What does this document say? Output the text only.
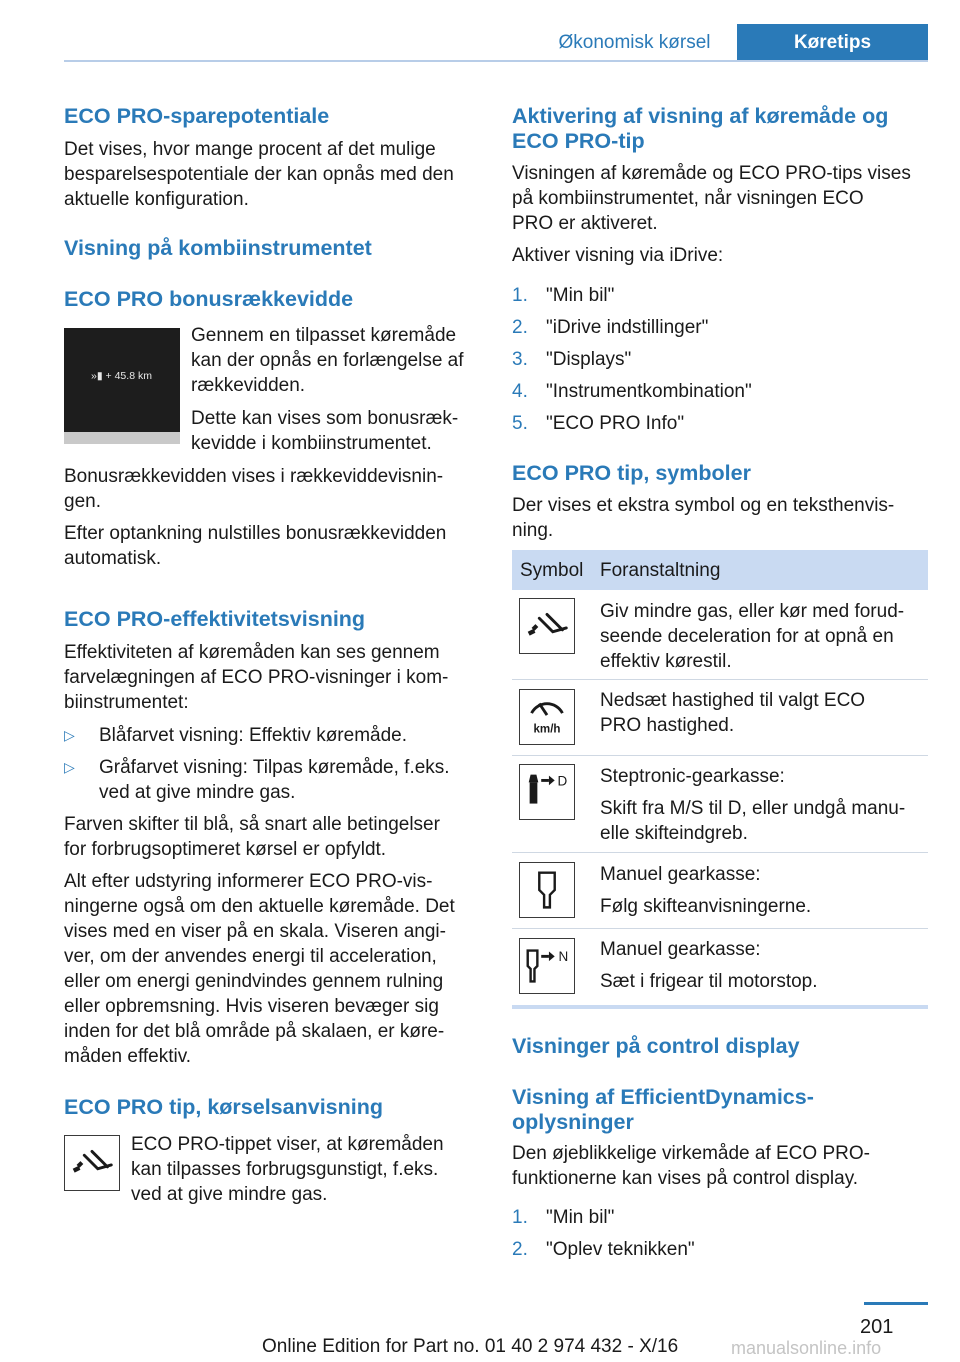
Økonomisk kørsel	Køretips
ECO PRO-sparepotentiale
Det vises, hvor mange procent af det mulige
besparelsespotentiale der kan opnås med den
aktuelle konfiguration.
Visning på kombiinstrumentet
ECO PRO bonusrækkevidde
»▮ + 45.8 km
Gennem en tilpasset køremåde
kan der opnås en forlængelse af
rækkevidden.
Dette kan vises som bonusræk-
kevidde i kombiinstrumentet.
Bonusrækkevidden vises i rækkeviddevisnin-
gen.
Efter optankning nulstilles bonusrækkevidden
automatisk.
ECO PRO-effektivitetsvisning
Effektiviteten af køremåden kan ses gennem
farvelægningen af ECO PRO-visninger i kom-
biinstrumentet:
▷ Blåfarvet visning: Effektiv køremåde.
▷ Gråfarvet visning: Tilpas køremåde, f.eks.
ved at give mindre gas.
Farven skifter til blå, så snart alle betingelser
for forbrugsoptimeret kørsel er opfyldt.
Alt efter udstyring informerer ECO PRO-vis-
ningerne også om den aktuelle køremåde. Det
vises med en viser på en skala. Viseren angi-
ver, om der anvendes energi til acceleration,
eller om energi genindvindes gennem rulning
eller opbremsning. Hvis viseren bevæger sig
inden for det blå område på skalaen, er køre-
måden effektiv.
ECO PRO tip, kørselsanvisning
ECO PRO-tippet viser, at køremåden
kan tilpasses forbrugsgunstigt, f.eks.
ved at give mindre gas.
Aktivering af visning af køremåde og
ECO PRO-tip
Visningen af køremåde og ECO PRO-tips vises
på kombiinstrumentet, når visningen ECO
PRO er aktiveret.
Aktiver visning via iDrive:
1. "Min bil"
2. "iDrive indstillinger"
3. "Displays"
4. "Instrumentkombination"
5. "ECO PRO Info"
ECO PRO tip, symboler
Der vises et ekstra symbol og en teksthenvis-
ning.
Symbol Foranstaltning
Giv mindre gas, eller kør med forud-
seende deceleration for at opnå en
effektiv kørestil.
km/h
Nedsæt hastighed til valgt ECO
PRO hastighed.
D Steptronic-gearkasse:
Skift fra M/S til D, eller undgå manu-
elle skifteindgreb.
Manuel gearkasse:
Følg skifteanvisningerne.
N Manuel gearkasse:
Sæt i frigear til motorstop.
Visninger på control display
Visning af EfficientDynamics-
oplysninger
Den øjeblikkelige virkemåde af ECO PRO-
funktionerne kan vises på control display.
1. "Min bil"
2. "Oplev teknikken"
201
Online Edition for Part no. 01 40 2 974 432 - X/16	manualsonline.info
